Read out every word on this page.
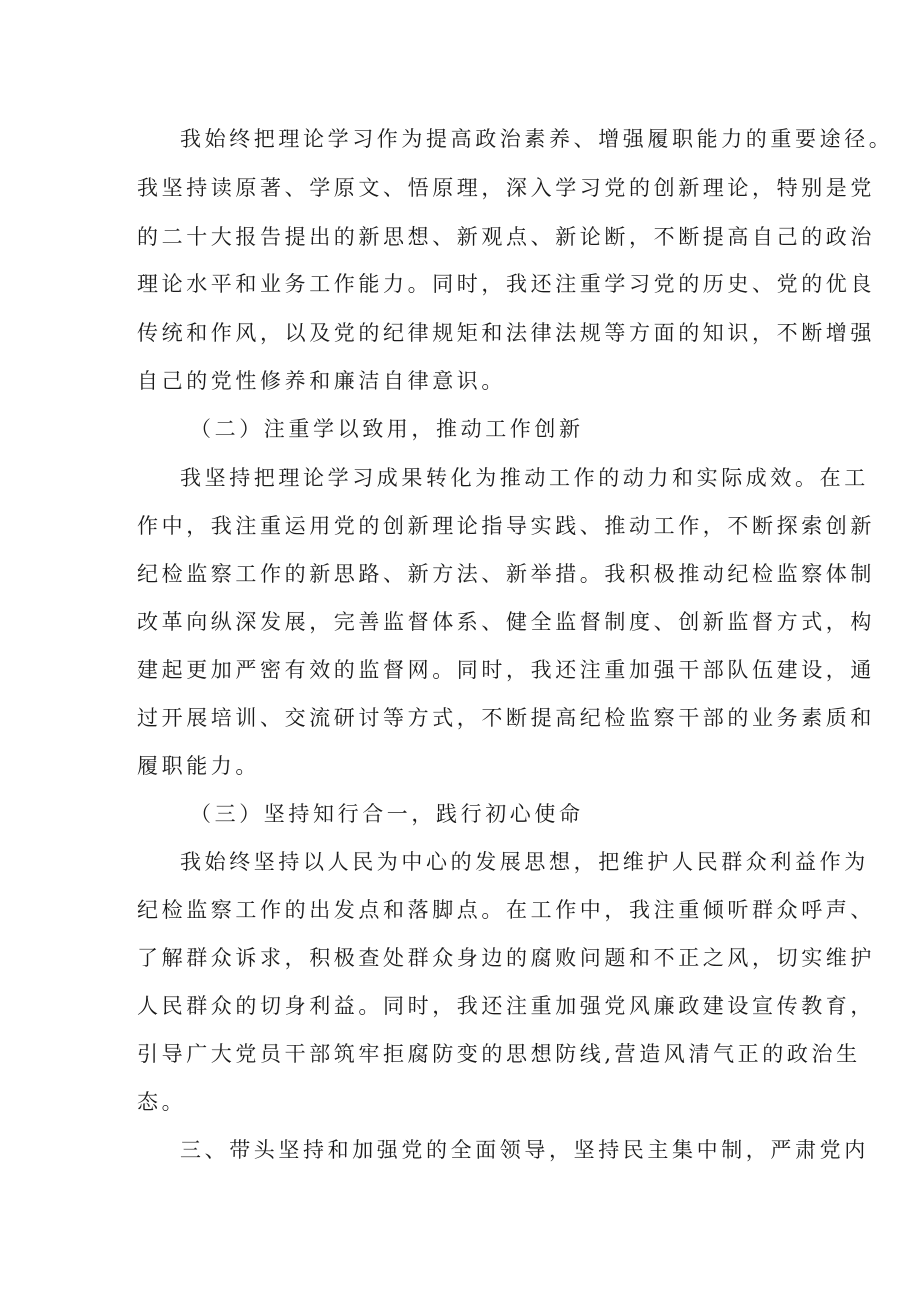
我始终把理论学习作为提高政治素养、增强履职能力的重要途径。
我坚持读原著、学原文、悟原理，深入学习党的创新理论，特别是党
的二十大报告提出的新思想、新观点、新论断，不断提高自己的政治
理论水平和业务工作能力。同时，我还注重学习党的历史、党的优良
传统和作风，以及党的纪律规矩和法律法规等方面的知识，不断增强
自己的党性修养和廉洁自律意识。
（二）注重学以致用，推动工作创新
我坚持把理论学习成果转化为推动工作的动力和实际成效。在工
作中，我注重运用党的创新理论指导实践、推动工作，不断探索创新
纪检监察工作的新思路、新方法、新举措。我积极推动纪检监察体制
改革向纵深发展，完善监督体系、健全监督制度、创新监督方式，构
建起更加严密有效的监督网。同时，我还注重加强干部队伍建设，通
过开展培训、交流研讨等方式，不断提高纪检监察干部的业务素质和
履职能力。
（三）坚持知行合一，践行初心使命
我始终坚持以人民为中心的发展思想，把维护人民群众利益作为
纪检监察工作的出发点和落脚点。在工作中，我注重倾听群众呼声、
了解群众诉求，积极查处群众身边的腐败问题和不正之风，切实维护
人民群众的切身利益。同时，我还注重加强党风廉政建设宣传教育，
引导广大党员干部筑牢拒腐防变的思想防线,营造风清气正的政治生
态。
三、带头坚持和加强党的全面领导，坚持民主集中制，严肃党内
